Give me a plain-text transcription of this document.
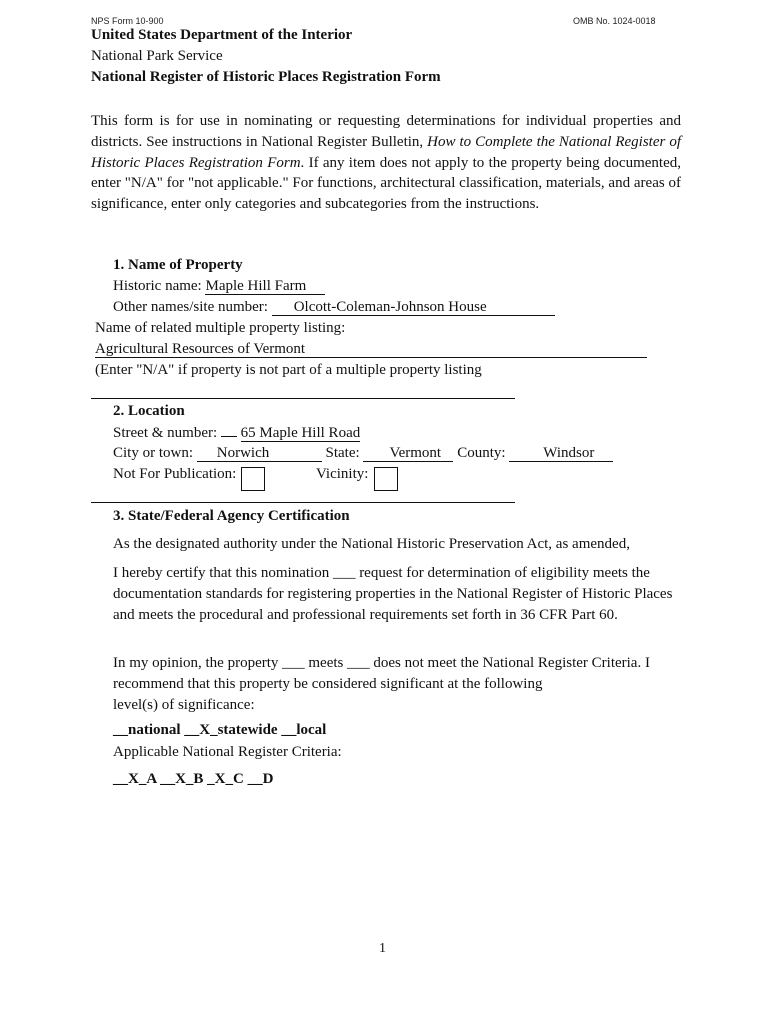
NPS Form 10-900	OMB No. 1024-0018
United States Department of the Interior
National Park Service
National Register of Historic Places Registration Form

This form is for use in nominating or requesting determinations for individual properties and districts. See instructions in National Register Bulletin, How to Complete the National Register of Historic Places Registration Form. If any item does not apply to the property being documented, enter "N/A" for "not applicable." For functions, architectural classification, materials, and areas of significance, enter only categories and subcategories from the instructions.

1. Name of Property
Historic name: Maple Hill Farm
Other names/site number: Olcott-Coleman-Johnson House
Name of related multiple property listing:
Agricultural Resources of Vermont
(Enter "N/A" if property is not part of a multiple property listing
2. Location
Street & number:  65 Maple Hill Road
City or town: Norwich	State: Vermont County: Windsor
Not For Publication:	Vicinity:
3. State/Federal Agency Certification
As the designated authority under the National Historic Preservation Act, as amended,
I hereby certify that this nomination ___ request for determination of eligibility meets the documentation standards for registering properties in the National Register of Historic Places and meets the procedural and professional requirements set forth in 36 CFR Part 60.
In my opinion, the property ___ meets ___ does not meet the National Register Criteria. I recommend that this property be considered significant at the following
level(s) of significance:
__national __X_statewide __local
Applicable National Register Criteria:
__X_A __X_B _X_C __D
1
